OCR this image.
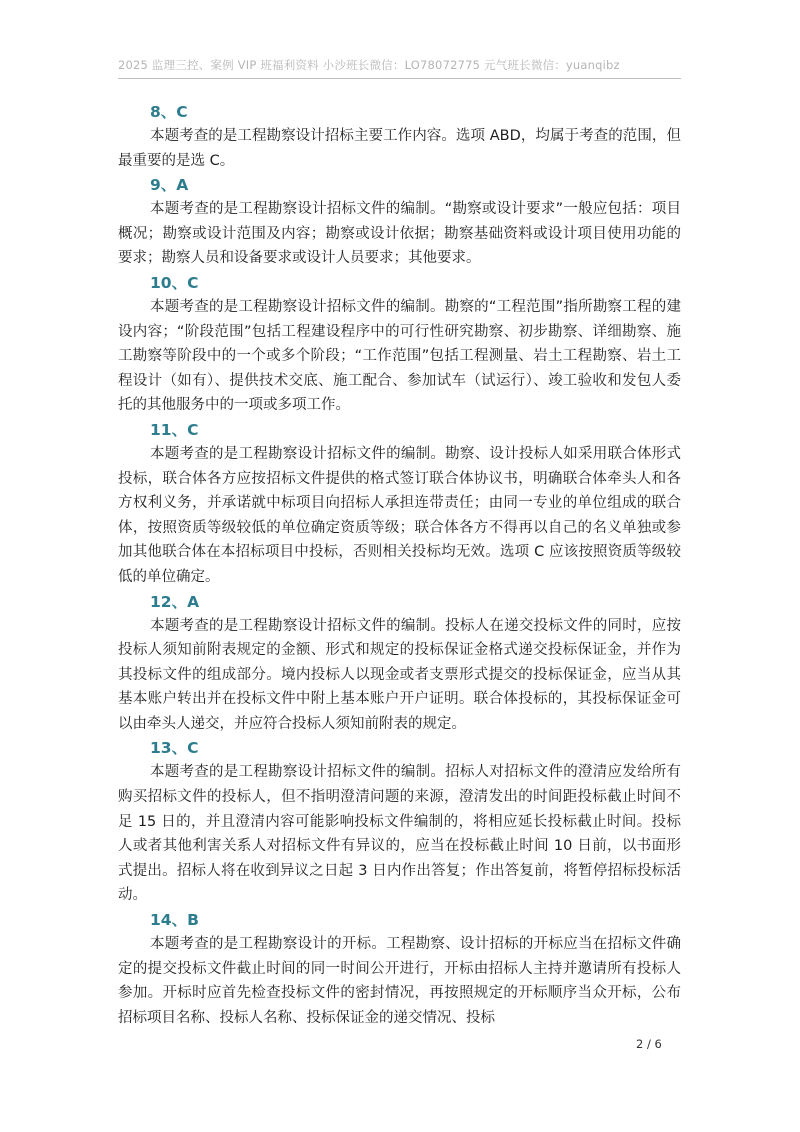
2025 监理三控、案例 VIP 班福利资料 小沙班长微信：LO78072775 元气班长微信：yuanqibz
8、C

本题考查的是工程勘察设计招标主要工作内容。选项 ABD，均属于考查的范围，但最重要的是选 C。

9、A

本题考查的是工程勘察设计招标文件的编制。“勘察或设计要求”一般应包括：项目概况；勘察或设计范围及内容；勘察或设计依据；勘察基础资料或设计项目使用功能的要求；勘察人员和设备要求或设计人员要求；其他要求。

10、C

本题考查的是工程勘察设计招标文件的编制。勘察的“工程范围”指所勘察工程的建设内容；“阶段范围”包括工程建设程序中的可行性研究勘察、初步勘察、详细勘察、施工勘察等阶段中的一个或多个阶段；“工作范围”包括工程测量、岩土工程勘察、岩土工程设计（如有）、提供技术交底、施工配合、参加试车（试运行）、竣工验收和发包人委托的其他服务中的一项或多项工作。

11、C

本题考查的是工程勘察设计招标文件的编制。勘察、设计投标人如采用联合体形式投标，联合体各方应按招标文件提供的格式签订联合体协议书，明确联合体牵头人和各方权利义务，并承诺就中标项目向招标人承担连带责任；由同一专业的单位组成的联合体，按照资质等级较低的单位确定资质等级；联合体各方不得再以自己的名义单独或参加其他联合体在本招标项目中投标，否则相关投标均无效。选项 C 应该按照资质等级较低的单位确定。

12、A

本题考查的是工程勘察设计招标文件的编制。投标人在递交投标文件的同时，应按投标人须知前附表规定的金额、形式和规定的投标保证金格式递交投标保证金，并作为其投标文件的组成部分。境内投标人以现金或者支票形式提交的投标保证金，应当从其基本账户转出并在投标文件中附上基本账户开户证明。联合体投标的，其投标保证金可以由牵头人递交，并应符合投标人须知前附表的规定。

13、C

本题考查的是工程勘察设计招标文件的编制。招标人对招标文件的澄清应发给所有购买招标文件的投标人，但不指明澄清问题的来源，澄清发出的时间距投标截止时间不足 15 日的，并且澄清内容可能影响投标文件编制的，将相应延长投标截止时间。投标人或者其他利害关系人对招标文件有异议的，应当在投标截止时间 10 日前，以书面形式提出。招标人将在收到异议之日起 3 日内作出答复；作出答复前，将暂停招标投标活动。

14、B

本题考查的是工程勘察设计的开标。工程勘察、设计招标的开标应当在招标文件确定的提交投标文件截止时间的同一时间公开进行，开标由招标人主持并邀请所有投标人参加。开标时应首先检查投标文件的密封情况，再按照规定的开标顺序当众开标，公布招标项目名称、投标人名称、投标保证金的递交情况、投标

2 / 6
